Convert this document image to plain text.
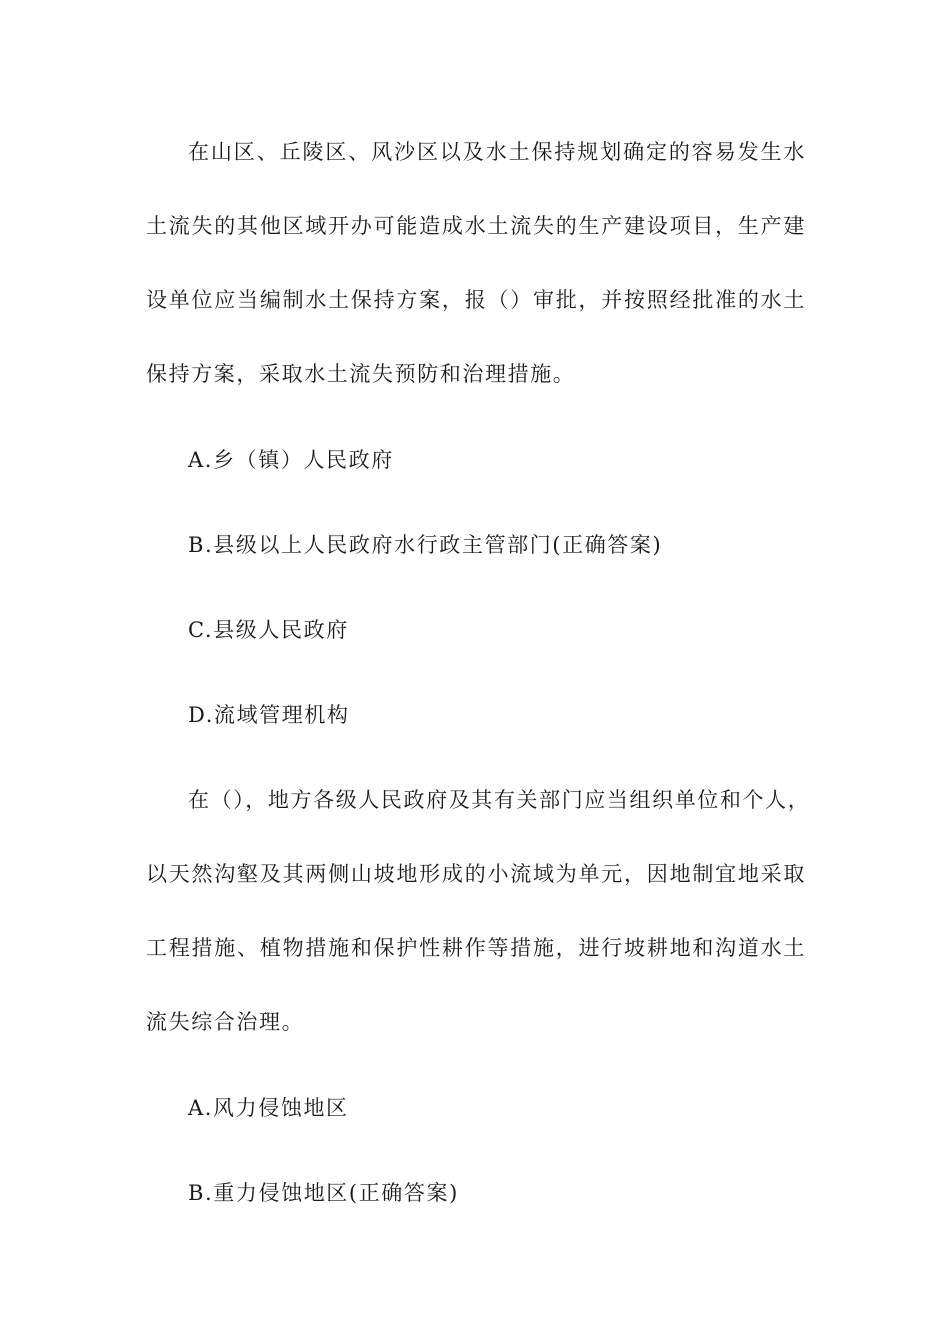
在山区、丘陵区、风沙区以及水土保持规划确定的容易发生水
土流失的其他区域开办可能造成水土流失的生产建设项目，生产建
设单位应当编制水土保持方案，报（）审批，并按照经批准的水土
保持方案，采取水土流失预防和治理措施。
A.乡（镇）人民政府
B.县级以上人民政府水行政主管部门(正确答案)
C.县级人民政府
D.流域管理机构
在（），地方各级人民政府及其有关部门应当组织单位和个人，
以天然沟壑及其两侧山坡地形成的小流域为单元，因地制宜地采取
工程措施、植物措施和保护性耕作等措施，进行坡耕地和沟道水土
流失综合治理。
A.风力侵蚀地区
B.重力侵蚀地区(正确答案)
